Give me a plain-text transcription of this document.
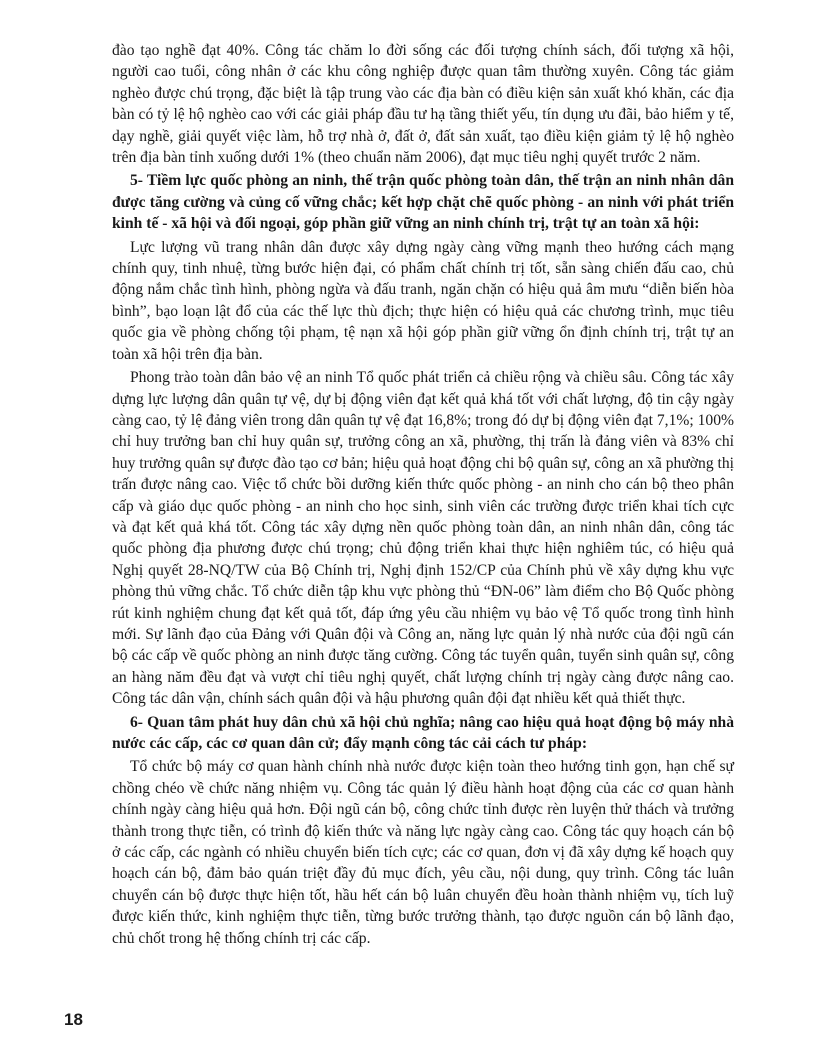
đào tạo nghề đạt 40%. Công tác chăm lo đời sống các đối tượng chính sách, đối tượng xã hội, người cao tuổi, công nhân ở các khu công nghiệp được quan tâm thường xuyên. Công tác giảm nghèo được chú trọng, đặc biệt là tập trung vào các địa bàn có điều kiện sản xuất khó khăn, các địa bàn có tỷ lệ hộ nghèo cao với các giải pháp đầu tư hạ tầng thiết yếu, tín dụng ưu đãi, bảo hiểm y tế, dạy nghề, giải quyết việc làm, hỗ trợ nhà ở, đất ở, đất sản xuất, tạo điều kiện giảm tỷ lệ hộ nghèo trên địa bàn tỉnh xuống dưới 1% (theo chuẩn năm 2006), đạt mục tiêu nghị quyết trước 2 năm.

5- Tiềm lực quốc phòng an ninh, thế trận quốc phòng toàn dân, thế trận an ninh nhân dân được tăng cường và củng cố vững chắc; kết hợp chặt chẽ quốc phòng - an ninh với phát triển kinh tế - xã hội và đối ngoại, góp phần giữ vững an ninh chính trị, trật tự an toàn xã hội:

Lực lượng vũ trang nhân dân được xây dựng ngày càng vững mạnh theo hướng cách mạng chính quy, tinh nhuệ, từng bước hiện đại, có phẩm chất chính trị tốt, sẵn sàng chiến đấu cao, chủ động nắm chắc tình hình, phòng ngừa và đấu tranh, ngăn chặn có hiệu quả âm mưu “diễn biến hòa bình”, bạo loạn lật đổ của các thế lực thù địch; thực hiện có hiệu quả các chương trình, mục tiêu quốc gia về phòng chống tội phạm, tệ nạn xã hội góp phần giữ vững ổn định chính trị, trật tự an toàn xã hội trên địa bàn.

Phong trào toàn dân bảo vệ an ninh Tổ quốc phát triển cả chiều rộng và chiều sâu. Công tác xây dựng lực lượng dân quân tự vệ, dự bị động viên đạt kết quả khá tốt với chất lượng, độ tin cậy ngày càng cao, tỷ lệ đảng viên trong dân quân tự vệ đạt 16,8%; trong đó dự bị động viên đạt 7,1%; 100% chỉ huy trưởng ban chỉ huy quân sự, trưởng công an xã, phường, thị trấn là đảng viên và 83% chỉ huy trưởng quân sự được đào tạo cơ bản; hiệu quả hoạt động chi bộ quân sự, công an xã phường thị trấn được nâng cao. Việc tổ chức bồi dưỡng kiến thức quốc phòng - an ninh cho cán bộ theo phân cấp và giáo dục quốc phòng - an ninh cho học sinh, sinh viên các trường được triển khai tích cực và đạt kết quả khá tốt. Công tác xây dựng nền quốc phòng toàn dân, an ninh nhân dân, công tác quốc phòng địa phương được chú trọng; chủ động triển khai thực hiện nghiêm túc, có hiệu quả Nghị quyết 28-NQ/TW của Bộ Chính trị, Nghị định 152/CP của Chính phủ về xây dựng khu vực phòng thủ vững chắc. Tổ chức diễn tập khu vực phòng thủ “ĐN-06” làm điểm cho Bộ Quốc phòng rút kinh nghiệm chung đạt kết quả tốt, đáp ứng yêu cầu nhiệm vụ bảo vệ Tổ quốc trong tình hình mới. Sự lãnh đạo của Đảng với Quân đội và Công an, năng lực quản lý nhà nước của đội ngũ cán bộ các cấp về quốc phòng an ninh được tăng cường. Công tác tuyển quân, tuyển sinh quân sự, công an hàng năm đều đạt và vượt chỉ tiêu nghị quyết, chất lượng chính trị ngày càng được nâng cao. Công tác dân vận, chính sách quân đội và hậu phương quân đội đạt nhiều kết quả thiết thực.

6- Quan tâm phát huy dân chủ xã hội chủ nghĩa; nâng cao hiệu quả hoạt động bộ máy nhà nước các cấp, các cơ quan dân cử; đẩy mạnh công tác cải cách tư pháp:

Tổ chức bộ máy cơ quan hành chính nhà nước được kiện toàn theo hướng tinh gọn, hạn chế sự chồng chéo về chức năng nhiệm vụ. Công tác quản lý điều hành hoạt động của các cơ quan hành chính ngày càng hiệu quả hơn. Đội ngũ cán bộ, công chức tỉnh được rèn luyện thử thách và trưởng thành trong thực tiễn, có trình độ kiến thức và năng lực ngày càng cao. Công tác quy hoạch cán bộ ở các cấp, các ngành có nhiều chuyển biến tích cực; các cơ quan, đơn vị đã xây dựng kế hoạch quy hoạch cán bộ, đảm bảo quán triệt đầy đủ mục đích, yêu cầu, nội dung, quy trình. Công tác luân chuyển cán bộ được thực hiện tốt, hầu hết cán bộ luân chuyển đều hoàn thành nhiệm vụ, tích luỹ được kiến thức, kinh nghiệm thực tiễn, từng bước trưởng thành, tạo được nguồn cán bộ lãnh đạo, chủ chốt trong hệ thống chính trị các cấp.

18
